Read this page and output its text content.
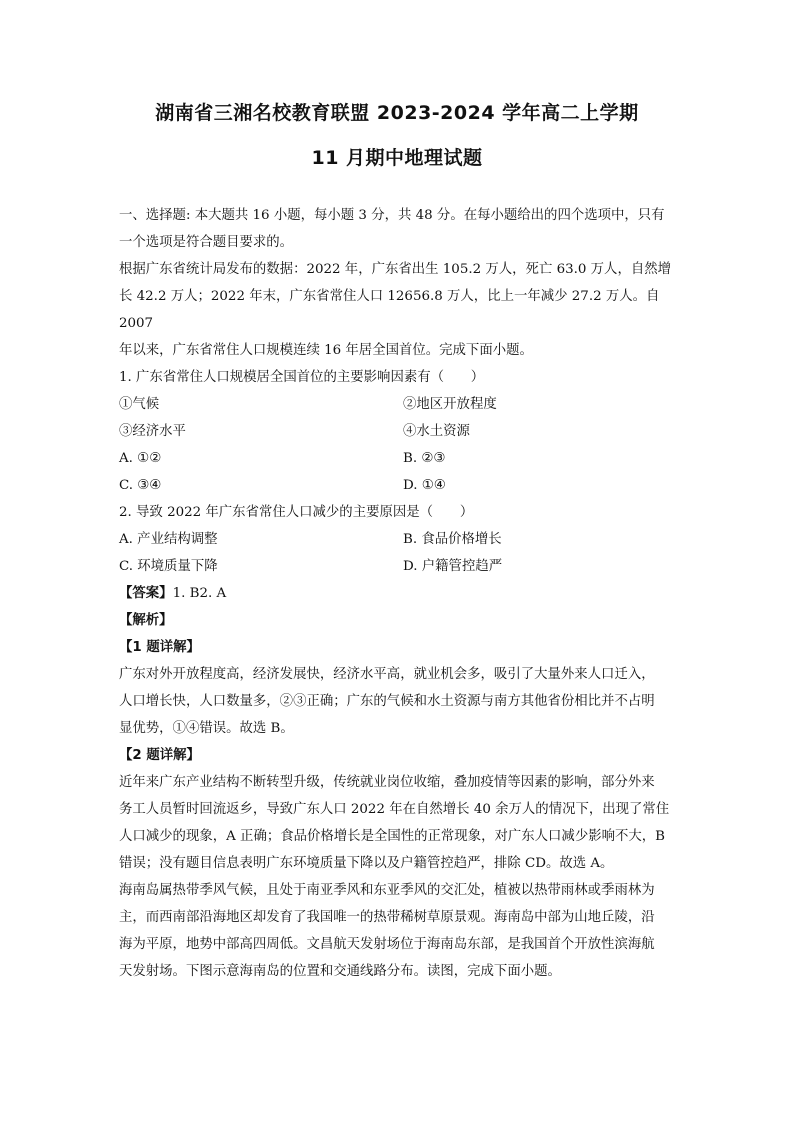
湖南省三湘名校教育联盟 2023-2024 学年高二上学期
11 月期中地理试题

一、选择题: 本大题共 16 小题，每小题 3 分，共 48 分。在每小题给出的四个选项中，只有

一个选项是符合题目要求的。

根据广东省统计局发布的数据：2022 年，广东省出生 105.2 万人，死亡 63.0 万人，自然增

长 42.2 万人；2022 年末，广东省常住人口 12656.8 万人，比上一年减少 27.2 万人。自 2007

年以来，广东省常住人口规模连续 16 年居全国首位。完成下面小题。

1. 广东省常住人口规模居全国首位的主要影响因素有（　　）

①气候	②地区开放程度
③经济水平	④水土资源
A. ①②	B. ②③
C. ③④	D. ①④

2. 导致 2022 年广东省常住人口减少的主要原因是（　　）

A. 产业结构调整	B. 食品价格增长
C. 环境质量下降	D. 户籍管控趋严

【答案】1. B2. A

【解析】

【1 题详解】

广东对外开放程度高，经济发展快，经济水平高，就业机会多，吸引了大量外来人口迁入，

人口增长快，人口数量多，②③正确；广东的气候和水土资源与南方其他省份相比并不占明

显优势，①④错误。故选 B。

【2 题详解】

近年来广东产业结构不断转型升级，传统就业岗位收缩，叠加疫情等因素的影响，部分外来

务工人员暂时回流返乡，导致广东人口 2022 年在自然增长 40 余万人的情况下，出现了常住

人口减少的现象，A 正确；食品价格增长是全国性的正常现象，对广东人口减少影响不大，B

错误；没有题目信息表明广东环境质量下降以及户籍管控趋严，排除 CD。故选 A。

海南岛属热带季风气候，且处于南亚季风和东亚季风的交汇处，植被以热带雨林或季雨林为

主，而西南部沿海地区却发育了我国唯一的热带稀树草原景观。海南岛中部为山地丘陵，沿

海为平原，地势中部高四周低。文昌航天发射场位于海南岛东部，是我国首个开放性滨海航

天发射场。下图示意海南岛的位置和交通线路分布。读图，完成下面小题。
